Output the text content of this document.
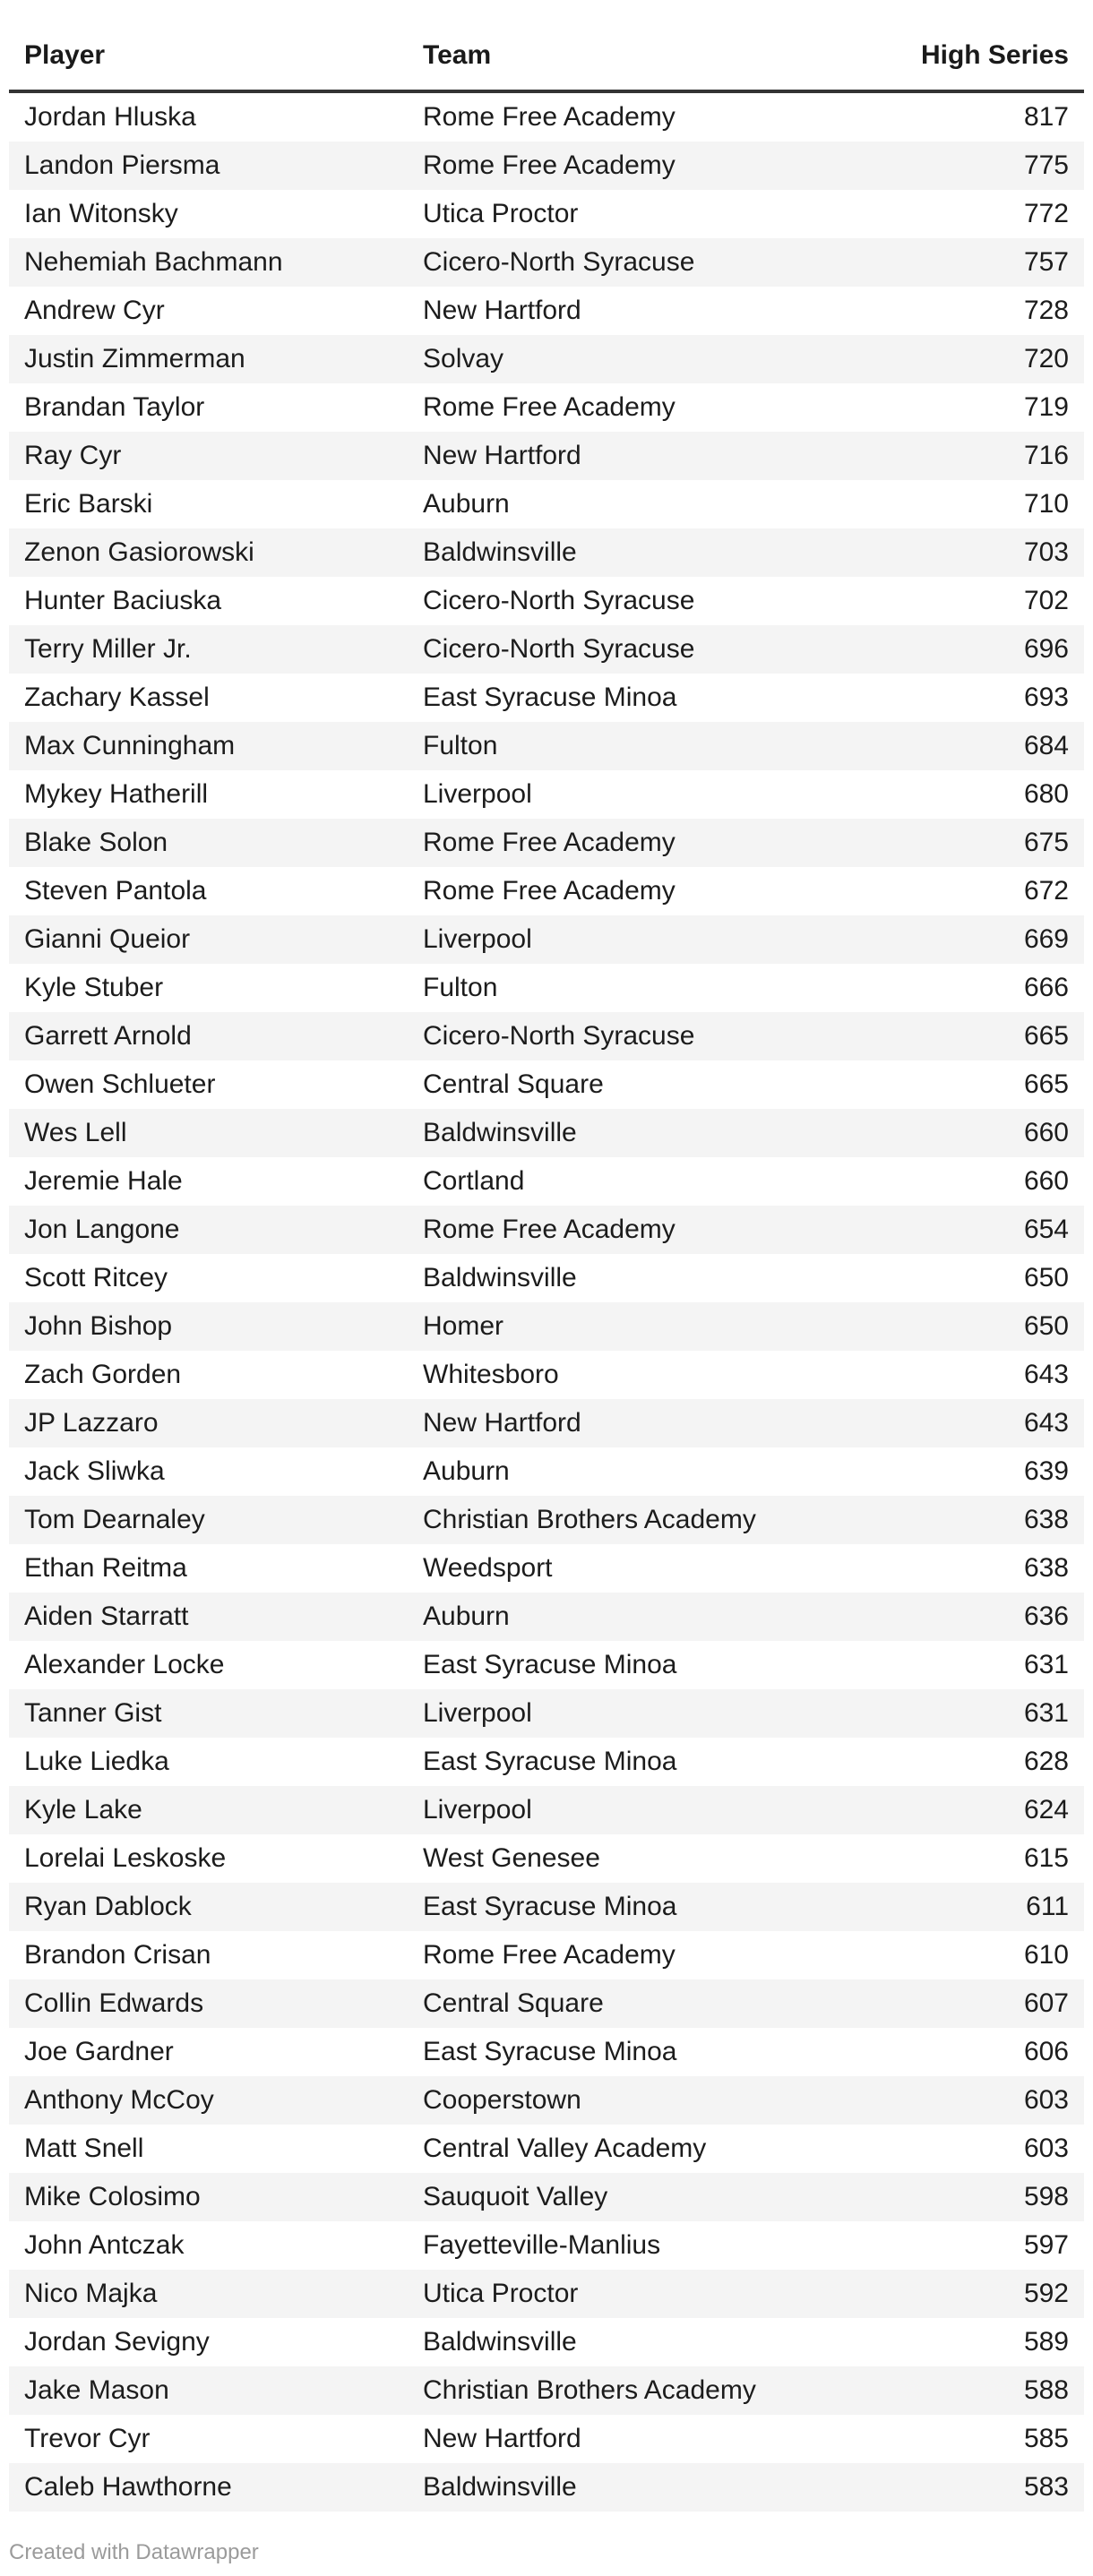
Player	Team	High Series
Jordan Hluska	Rome Free Academy	817
Landon Piersma	Rome Free Academy	775
Ian Witonsky	Utica Proctor	772
Nehemiah Bachmann	Cicero-North Syracuse	757
Andrew Cyr	New Hartford	728
Justin Zimmerman	Solvay	720
Brandan Taylor	Rome Free Academy	719
Ray Cyr	New Hartford	716
Eric Barski	Auburn	710
Zenon Gasiorowski	Baldwinsville	703
Hunter Baciuska	Cicero-North Syracuse	702
Terry Miller Jr.	Cicero-North Syracuse	696
Zachary Kassel	East Syracuse Minoa	693
Max Cunningham	Fulton	684
Mykey Hatherill	Liverpool	680
Blake Solon	Rome Free Academy	675
Steven Pantola	Rome Free Academy	672
Gianni Queior	Liverpool	669
Kyle Stuber	Fulton	666
Garrett Arnold	Cicero-North Syracuse	665
Owen Schlueter	Central Square	665
Wes Lell	Baldwinsville	660
Jeremie Hale	Cortland	660
Jon Langone	Rome Free Academy	654
Scott Ritcey	Baldwinsville	650
John Bishop	Homer	650
Zach Gorden	Whitesboro	643
JP Lazzaro	New Hartford	643
Jack Sliwka	Auburn	639
Tom Dearnaley	Christian Brothers Academy	638
Ethan Reitma	Weedsport	638
Aiden Starratt	Auburn	636
Alexander Locke	East Syracuse Minoa	631
Tanner Gist	Liverpool	631
Luke Liedka	East Syracuse Minoa	628
Kyle Lake	Liverpool	624
Lorelai Leskoske	West Genesee	615
Ryan Dablock	East Syracuse Minoa	611
Brandon Crisan	Rome Free Academy	610
Collin Edwards	Central Square	607
Joe Gardner	East Syracuse Minoa	606
Anthony McCoy	Cooperstown	603
Matt Snell	Central Valley Academy	603
Mike Colosimo	Sauquoit Valley	598
John Antczak	Fayetteville-Manlius	597
Nico Majka	Utica Proctor	592
Jordan Sevigny	Baldwinsville	589
Jake Mason	Christian Brothers Academy	588
Trevor Cyr	New Hartford	585
Caleb Hawthorne	Baldwinsville	583
Created with Datawrapper
